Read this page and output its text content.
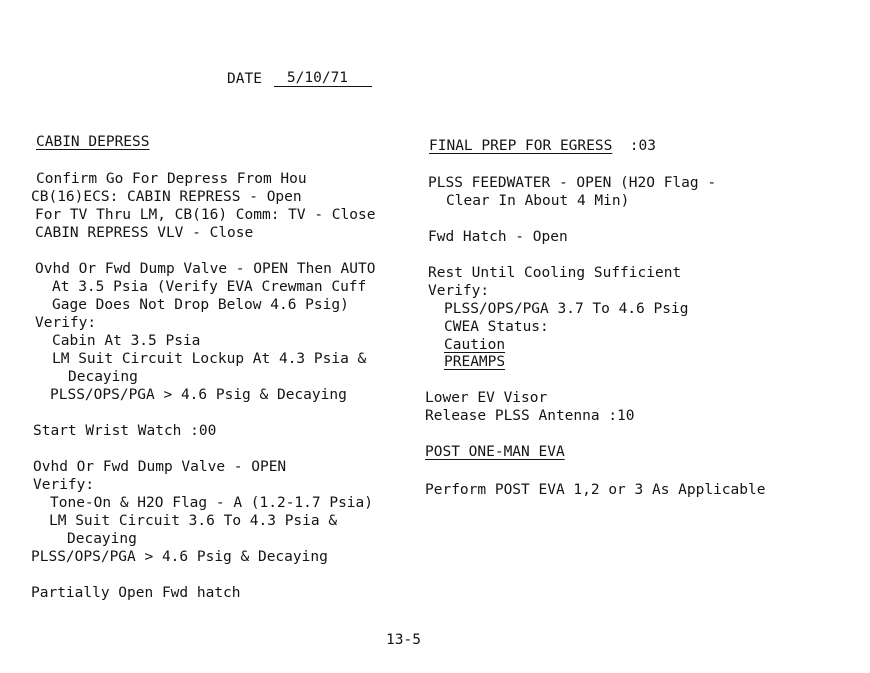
DATE 5/10/71
CABIN DEPRESS
Confirm Go For Depress From Hou
CB(16)ECS: CABIN REPRESS - Open
For TV Thru LM, CB(16) Comm: TV - Close
CABIN REPRESS VLV - Close
Ovhd Or Fwd Dump Valve - OPEN Then AUTO
At 3.5 Psia (Verify EVA Crewman Cuff
Gage Does Not Drop Below 4.6 Psig)
Verify:
Cabin At 3.5 Psia
LM Suit Circuit Lockup At 4.3 Psia &
Decaying
PLSS/OPS/PGA > 4.6 Psig & Decaying
Start Wrist Watch :00
Ovhd Or Fwd Dump Valve - OPEN
Verify:
Tone-On & H2O Flag - A (1.2-1.7 Psia)
LM Suit Circuit 3.6 To 4.3 Psia &
Decaying
PLSS/OPS/PGA > 4.6 Psig & Decaying
Partially Open Fwd hatch
FINAL PREP FOR EGRESS :03
PLSS FEEDWATER - OPEN (H2O Flag -
Clear In About 4 Min)
Fwd Hatch - Open
Rest Until Cooling Sufficient
Verify:
PLSS/OPS/PGA 3.7 To 4.6 Psig
CWEA Status:
Caution
PREAMPS
Lower EV Visor
Release PLSS Antenna :10
POST ONE-MAN EVA
Perform POST EVA 1,2 or 3 As Applicable
13-5
